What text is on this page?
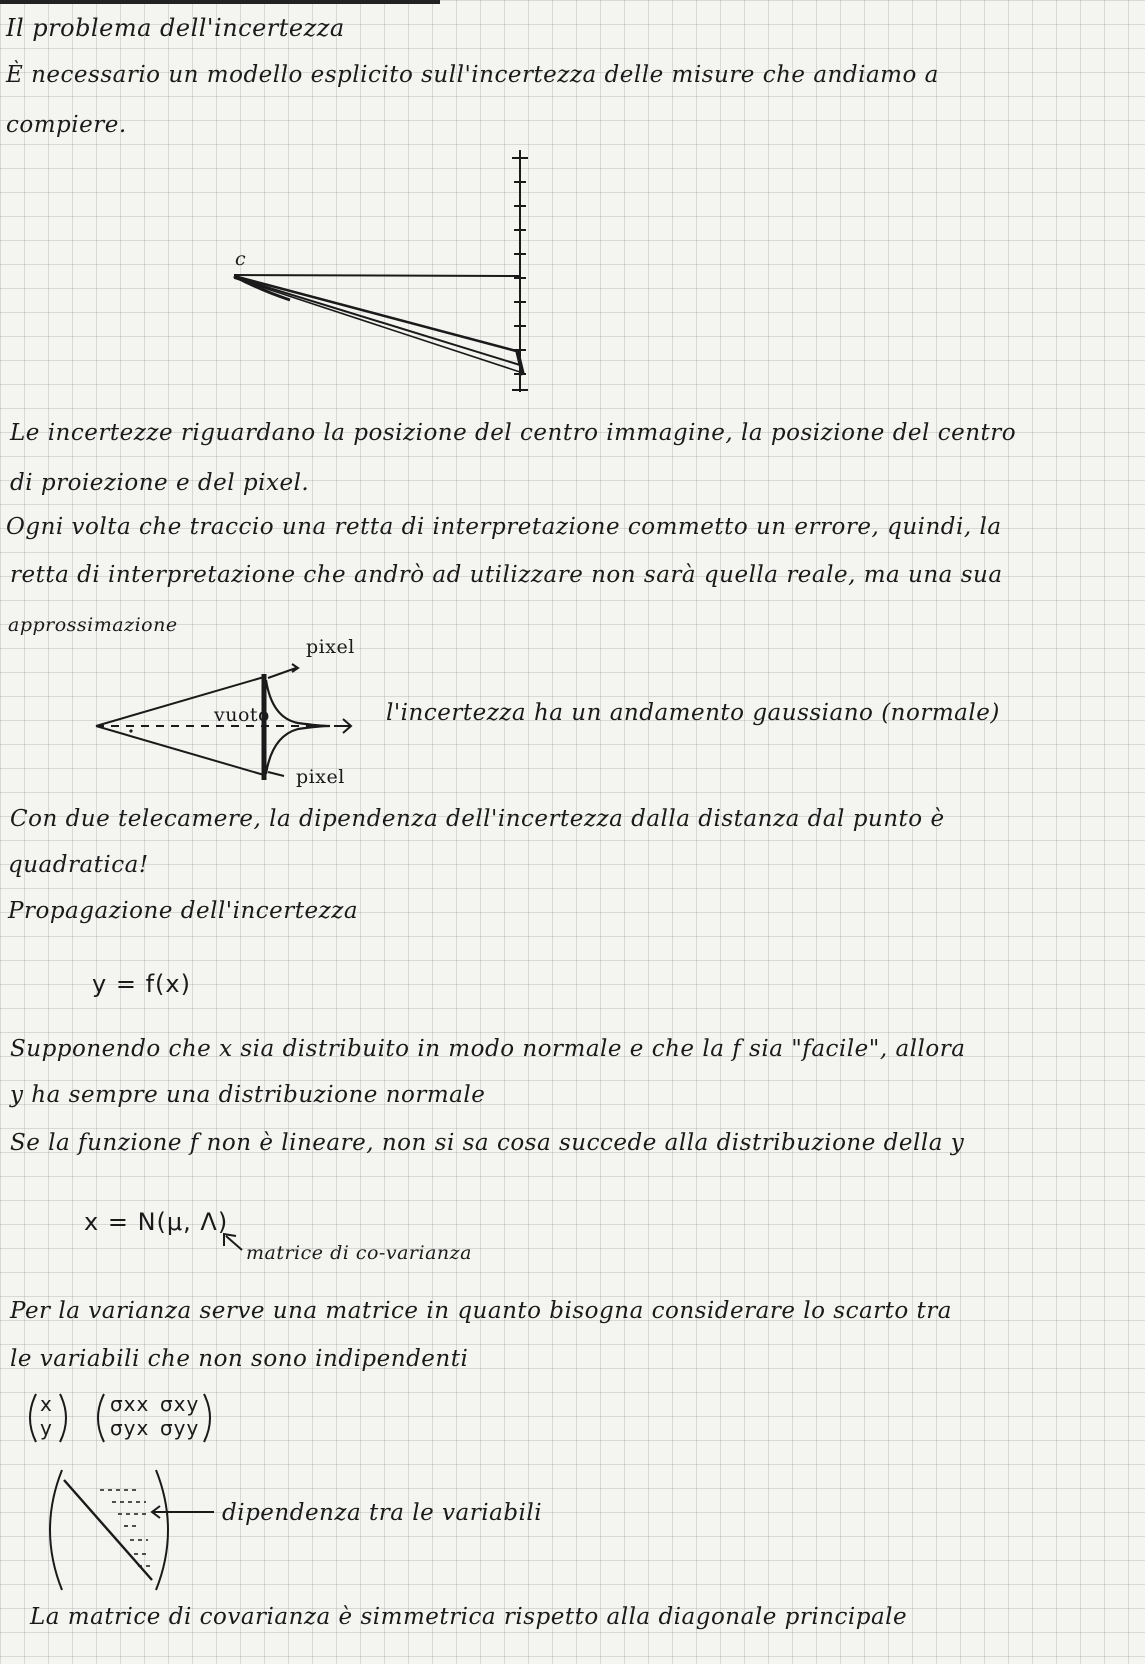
Il problema dell'incertezza
È necessario un modello esplicito sull'incertezza delle misure che andiamo a
compiere.
c
Le incertezze riguardano la posizione del centro immagine, la posizione del centro
di proiezione e del pixel.
Ogni volta che traccio una retta di interpretazione commetto un errore, quindi, la
retta di interpretazione che andrò ad utilizzare non sarà quella reale, ma una sua
approssimazione
pixel
pixel
vuoto	l'incertezza ha un andamento gaussiano (normale)
Con due telecamere, la dipendenza dell'incertezza dalla distanza dal punto è
quadratica!
Propagazione dell'incertezza
y = f(x)
Supponendo che x sia distribuito in modo normale e che la f sia "facile", allora
y ha sempre una distribuzione normale
Se la funzione f non è lineare, non si sa cosa succede alla distribuzione della y
x = N(μ, Λ)
matrice di co-varianza
Per la varianza serve una matrice in quanto bisogna considerare lo scarto tra
le variabili che non sono indipendenti
x
y
σxx σxy
σyx σyy
dipendenza tra le variabili
La matrice di covarianza è simmetrica rispetto alla diagonale principale
